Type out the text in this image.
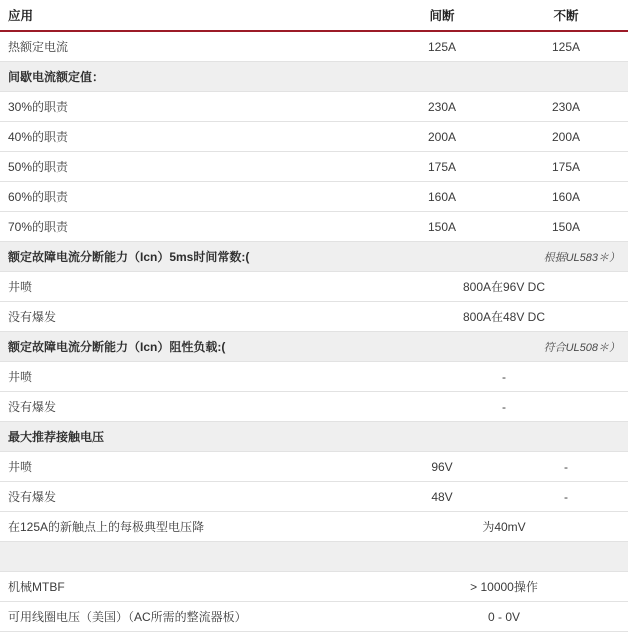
应用	间断	不断
热额定电流	125A	125A
间歇电流额定值：		
30%的职责	230A	230A
40%的职责	200A	200A
50%的职责	175A	175A
60%的职责	160A	160A
70%的职责	150A	150A
额定故障电流分断能力（Icn）5ms时间常数:(	根据UL583＊）	
井喷	800A在96V DC	
没有爆发	800A在48V DC	
额定故障电流分断能力（Icn）阻性负载:(	符合UL508＊）	
井喷	-	
没有爆发	-	
最大推荐接触电压		
井喷	96V	-
没有爆发	48V	-
在125A的新触点上的每极典型电压降	为40mV	

机械MTBF	> 10000操作	
可用线圈电压（美国）（AC所需的整流器板）	0 - 0V	
